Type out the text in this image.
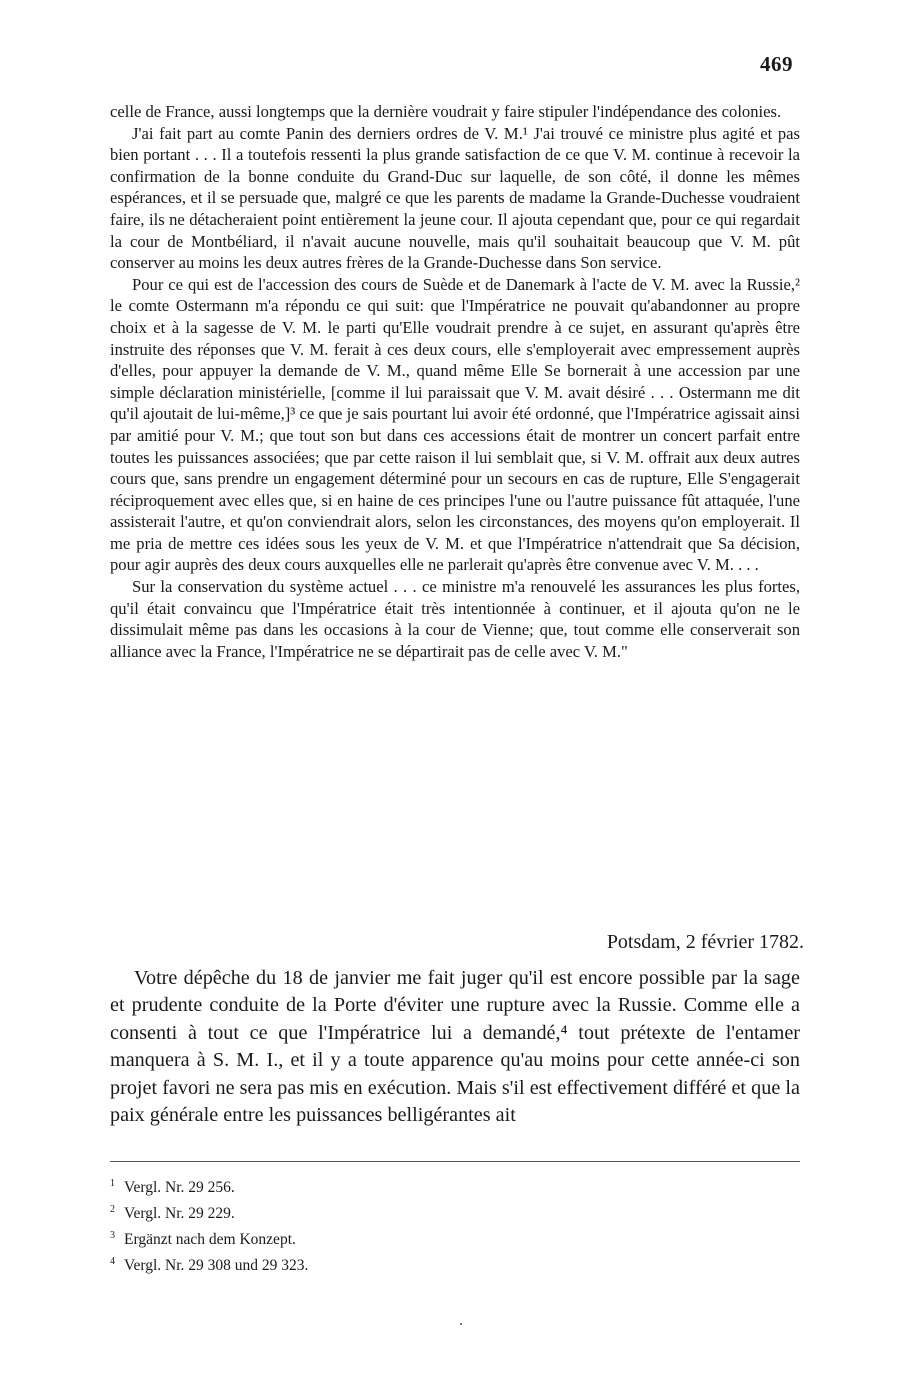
469

celle de France, aussi longtemps que la dernière voudrait y faire stipuler l'indépendance des colonies.

J'ai fait part au comte Panin des derniers ordres de V. M.¹ J'ai trouvé ce ministre plus agité et pas bien portant . . . Il a toutefois ressenti la plus grande satisfaction de ce que V. M. continue à recevoir la confirmation de la bonne conduite du Grand-Duc sur laquelle, de son côté, il donne les mêmes espérances, et il se persuade que, malgré ce que les parents de madame la Grande-Duchesse voudraient faire, ils ne détacheraient point entièrement la jeune cour. Il ajouta cependant que, pour ce qui regardait la cour de Montbéliard, il n'avait aucune nouvelle, mais qu'il souhaitait beaucoup que V. M. pût conserver au moins les deux autres frères de la Grande-Duchesse dans Son service.

Pour ce qui est de l'accession des cours de Suède et de Danemark à l'acte de V. M. avec la Russie,² le comte Ostermann m'a répondu ce qui suit: que l'Impératrice ne pouvait qu'abandonner au propre choix et à la sagesse de V. M. le parti qu'Elle voudrait prendre à ce sujet, en assurant qu'après être instruite des réponses que V. M. ferait à ces deux cours, elle s'employerait avec empressement auprès d'elles, pour appuyer la demande de V. M., quand même Elle Se bornerait à une accession par une simple déclaration ministérielle, [comme il lui paraissait que V. M. avait désiré . . . Ostermann me dit qu'il ajoutait de lui-même,]³ ce que je sais pourtant lui avoir été ordonné, que l'Impératrice agissait ainsi par amitié pour V. M.; que tout son but dans ces accessions était de montrer un concert parfait entre toutes les puissances associées; que par cette raison il lui semblait que, si V. M. offrait aux deux autres cours que, sans prendre un engagement déterminé pour un secours en cas de rupture, Elle S'engagerait réciproquement avec elles que, si en haine de ces principes l'une ou l'autre puissance fût attaquée, l'une assisterait l'autre, et qu'on conviendrait alors, selon les circonstances, des moyens qu'on employerait. Il me pria de mettre ces idées sous les yeux de V. M. et que l'Impératrice n'attendrait que Sa décision, pour agir auprès des deux cours auxquelles elle ne parlerait qu'après être convenue avec V. M. . . .

Sur la conservation du système actuel . . . ce ministre m'a renouvelé les assurances les plus fortes, qu'il était convaincu que l'Impératrice était très intentionnée à continuer, et il ajouta qu'on ne le dissimulait même pas dans les occasions à la cour de Vienne; que, tout comme elle conserverait son alliance avec la France, l'Impératrice ne se départirait pas de celle avec V. M."

Potsdam, 2 février 1782.

Votre dépêche du 18 de janvier me fait juger qu'il est encore possible par la sage et prudente conduite de la Porte d'éviter une rupture avec la Russie. Comme elle a consenti à tout ce que l'Impératrice lui a demandé,⁴ tout prétexte de l'entamer manquera à S. M. I., et il y a toute apparence qu'au moins pour cette année-ci son projet favori ne sera pas mis en exécution. Mais s'il est effectivement différé et que la paix générale entre les puissances belligérantes ait

$^1$ Vergl. Nr. 29 256.
$^2$ Vergl. Nr. 29 229.
$^3$ Ergänzt nach dem Konzept.
$^4$ Vergl. Nr. 29 308 und 29 323.
